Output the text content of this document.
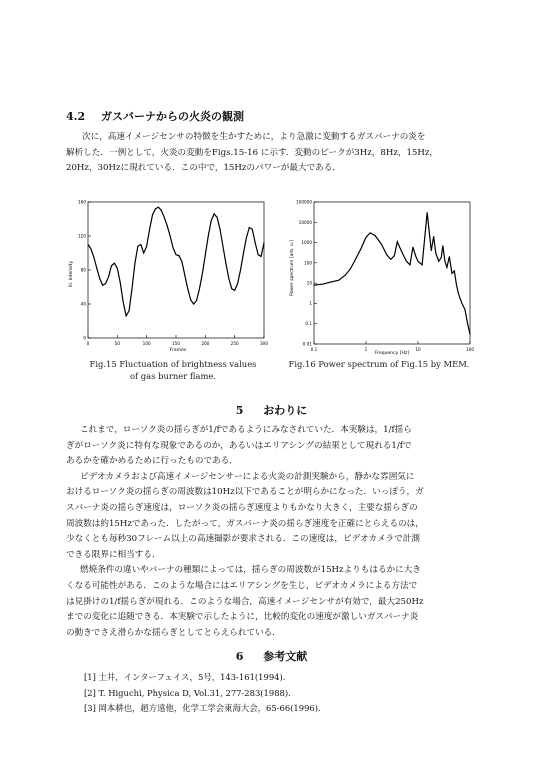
4.2 ガスバーナからの火炎の観測

次に，高速イメージセンサの特徴を生かすために，より急激に変動するガスバーナの炎を

解析した．一例として，火炎の変動をFigs.15-16 に示す．変動のピークが3Hz，8Hz，15Hz，

20Hz，30Hzに現れている．この中で，15Hzのパワーが最大である．

0	50	100	150	200	250	300
0
40
80
120
160
Frames
Ill. intensity
0.1	1	10	100
100000
10000
1000
100
10
1
0.1
0.01
Frequency [Hz]
Power spectrum [arb. u.]
Fig.15 Fluctuation of brightness values
of gas burner flame.
Fig.16 Power spectrum of Fig.15 by MEM.
5 おわりに

これまで，ローソク炎の揺らぎが1/fであるようにみなされていた．本実験は，1/f揺ら

ぎがローソク炎に特有な現象であるのか，あるいはエリアシングの結果として現れる1/fで

あるかを確かめるために行ったものである．

ビデオカメラおよび高速イメージセンサーによる火炎の計測実験から，静かな雰囲気に

おけるローソク炎の揺らぎの周波数は10Hz以下であることが明らかになった．いっぽう，ガ

スバーナ炎の揺らぎ速度は，ローソク炎の揺らぎ速度よりもかなり大きく，主要な揺らぎの

周波数は約15Hzであった．したがって，ガスバーナ炎の揺らぎ速度を正確にとらえるのは，

少なくとも毎秒30フレーム以上の高速撮影が要求される．この速度は，ビデオカメラで計測

できる限界に相当する．

燃焼条件の違いやバーナの種類によっては，揺らぎの周波数が15Hzよりもはるかに大き

くなる可能性がある．このような場合にはエリアシングを生じ，ビデオカメラによる方法で

は見掛けの1/f揺らぎが現れる．このような場合，高速イメージセンサが有効で，最大250Hz

までの変化に追随できる．本実験で示したように，比較的変化の速度が激しいガスバーナ炎

の動きでさえ滑らかな揺らぎとしてとらえられている．

6 参考文献
[1] 土井，インターフェイス，5号，143-161(1994).
[2] T. Higuchi, Physica D, Vol.31, 277-283(1988).
[3] 岡本耕也，趙方遠他，化学工学会東海大会，65-66(1996).
